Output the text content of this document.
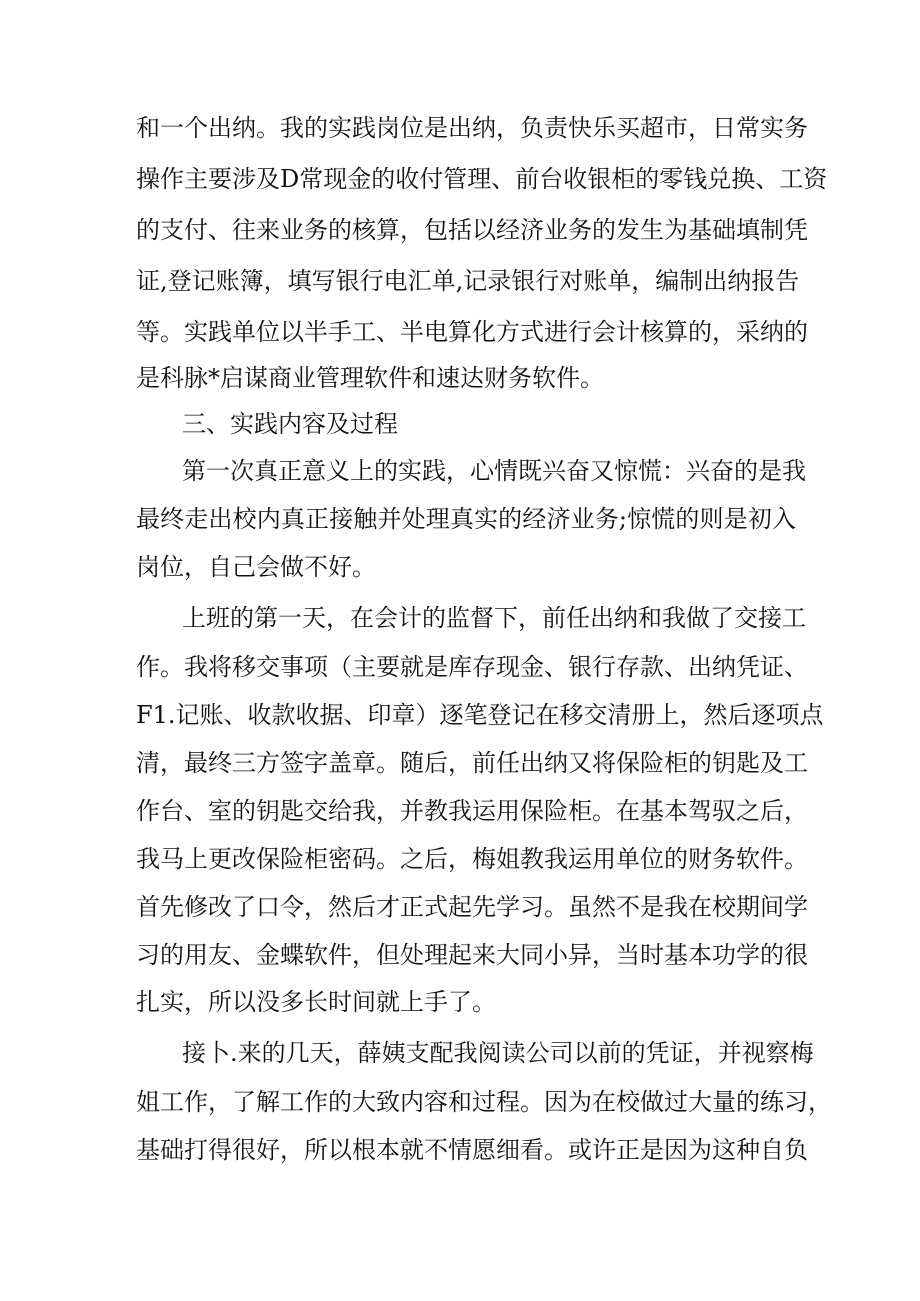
和一个出纳。我的实践岗位是出纳，负责快乐买超市，日常实务
操作主要涉及D常现金的收付管理、前台收银柜的零钱兑换、工资
的支付、往来业务的核算，包括以经济业务的发生为基础填制凭
证,登记账簿，填写银行电汇单,记录银行对账单，编制出纳报告
等。实践单位以半手工、半电算化方式进行会计核算的，采纳的
是科脉*启谋商业管理软件和速达财务软件。
三、实践内容及过程
第一次真正意义上的实践，心情既兴奋又惊慌：兴奋的是我
最终走出校内真正接触并处理真实的经济业务;惊慌的则是初入
岗位，自己会做不好。
上班的第一天，在会计的监督下，前任出纳和我做了交接工
作。我将移交事项（主要就是库存现金、银行存款、出纳凭证、
F1.记账、收款收据、印章）逐笔登记在移交清册上，然后逐项点
清，最终三方签字盖章。随后，前任出纳又将保险柜的钥匙及工
作台、室的钥匙交给我，并教我运用保险柜。在基本驾驭之后，
我马上更改保险柜密码。之后，梅姐教我运用单位的财务软件。
首先修改了口令，然后才正式起先学习。虽然不是我在校期间学
习的用友、金蝶软件，但处理起来大同小异，当时基本功学的很
扎实，所以没多长时间就上手了。
接卜.来的几天，薛姨支配我阅读公司以前的凭证，并视察梅
姐工作，了解工作的大致内容和过程。因为在校做过大量的练习，
基础打得很好，所以根本就不情愿细看。或许正是因为这种自负
